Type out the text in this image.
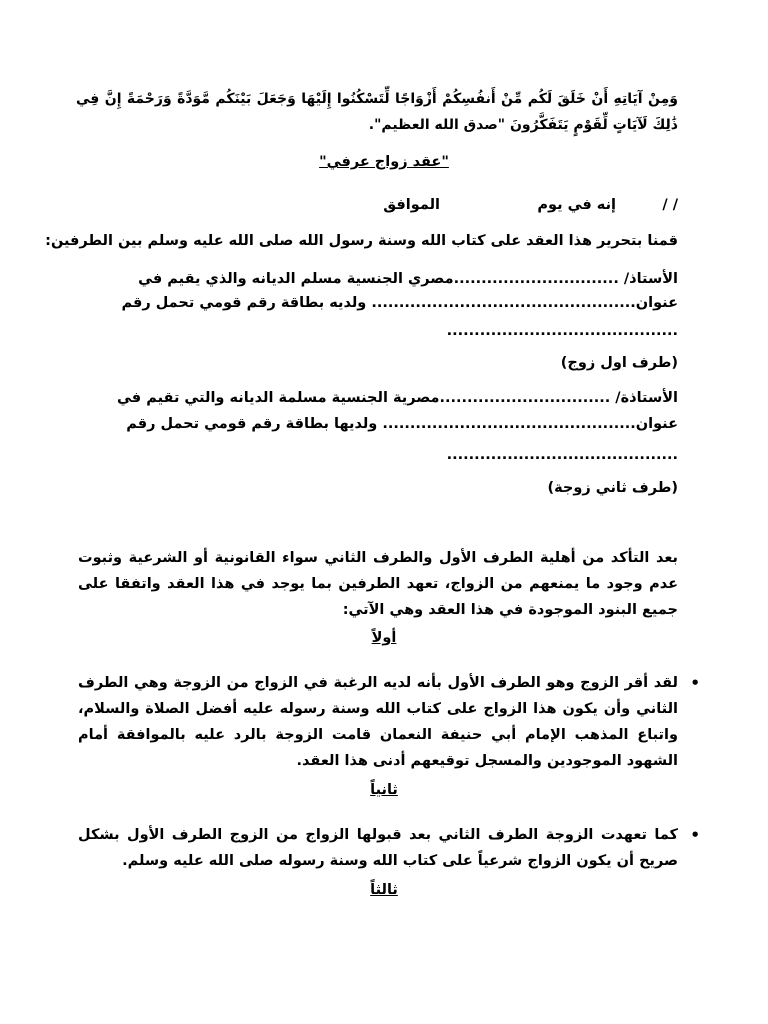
وَمِنْ آيَاتِهِ أَنْ خَلَقَ لَكُم مِّنْ أَنفُسِكُمْ أَزْوَاجًا لِّتَسْكُنُوا إِلَيْهَا وَجَعَلَ بَيْنَكُم مَّوَدَّةً وَرَحْمَةً إِنَّ فِي ذَٰلِكَ لَآيَاتٍ لِّقَوْمٍ يَتَفَكَّرُونَ "صدق الله العظيم".
"عقد زواج عرفي"
/ /
إنه في يوم
الموافق
قمنا بتحرير هذا العقد على كتاب الله وسنة رسول الله صلى الله عليه وسلم بين الطرفين:
الأستاذ/ ..............................مصري الجنسية مسلم الديانه والذي يقيم في
عنوان................................................ ولديه بطاقة رقم قومي تحمل رقم
..........................................
(طرف اول زوج)
الأستاذة/ ...............................مصرية الجنسية مسلمة الديانه والتي تقيم في
عنوان.............................................. ولديها بطاقة رقم قومي تحمل رقم
..........................................
(طرف ثاني زوجة)
بعد التأكد من أهلية الطرف الأول والطرف الثاني سواء القانونية أو الشرعية وثبوت عدم وجود ما يمنعهم من الزواج، تعهد الطرفين بما يوجد في هذا العقد واتفقا على جميع البنود الموجودة في هذا العقد وهي الآتي:
أولاً
•
لقد أقر الزوج وهو الطرف الأول بأنه لديه الرغبة في الزواج من الزوجة وهي الطرف الثاني وأن يكون هذا الزواج على كتاب الله وسنة رسوله عليه أفضل الصلاة والسلام، واتباع المذهب الإمام أبي حنيفة النعمان قامت الزوجة بالرد عليه بالموافقة أمام الشهود الموجودين والمسجل توقيعهم أدنى هذا العقد.
ثانياً
•
كما تعهدت الزوجة الطرف الثاني بعد قبولها الزواج من الزوج الطرف الأول بشكل صريح أن يكون الزواج شرعياً على كتاب الله وسنة رسوله صلى الله عليه وسلم.
ثالثاً
